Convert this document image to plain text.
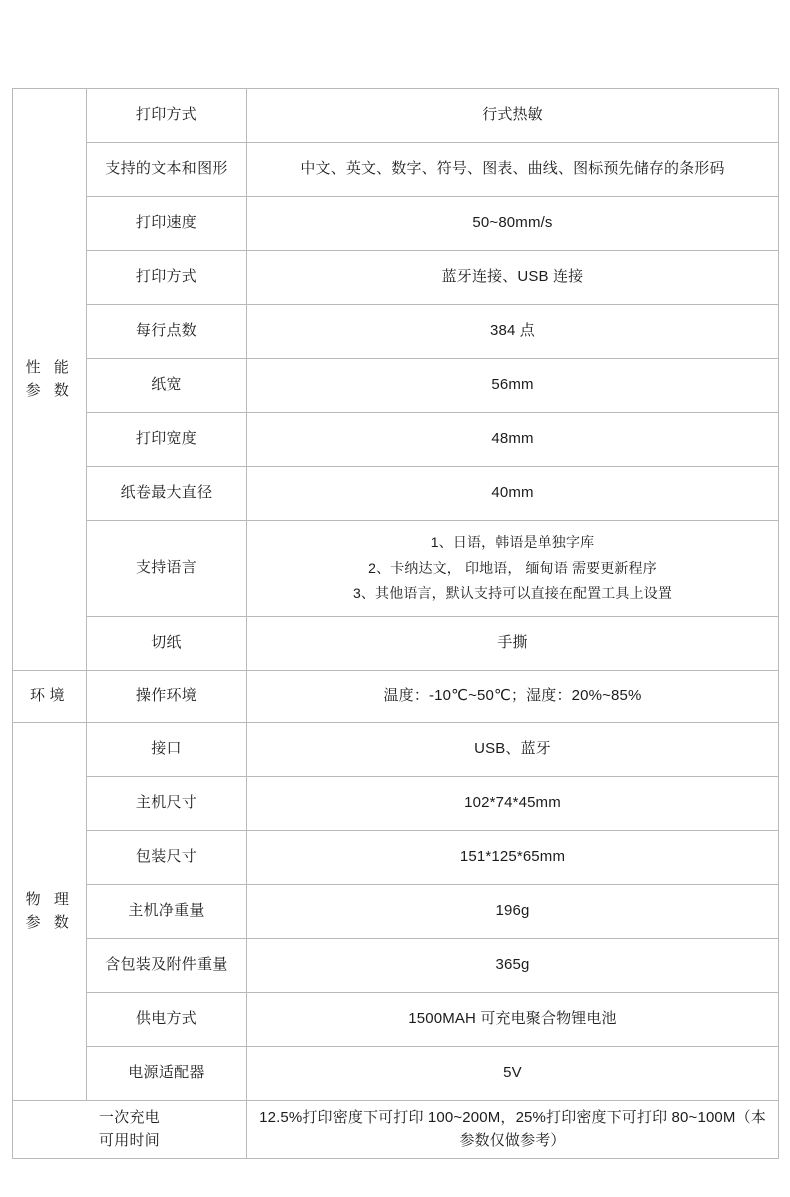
性 能 参 数	打印方式	行式热敏
	支持的文本和图形	中文、英文、数字、符号、图表、曲线、图标预先储存的条形码
	打印速度	50~80mm/s
	打印方式	蓝牙连接、USB 连接
	每行点数	384 点
	纸宽	56mm
	打印宽度	48mm
	纸卷最大直径	40mm
	支持语言	1、日语，韩语是单独字库
2、卡纳达文， 印地语， 缅甸语 需要更新程序
3、其他语言，默认支持可以直接在配置工具上设置

	切纸	手撕
环境	操作环境	温度：-10℃~50℃；湿度：20%~85%
物 理 参 数	接口	USB、蓝牙
	主机尺寸	102*74*45mm
	包装尺寸	151*125*65mm
	主机净重量	196g
	含包装及附件重量	365g
	供电方式	1500MAH 可充电聚合物锂电池
	电源适配器	5V

一次充电
可用时间		12.5%打印密度下可打印 100~200M，25%打印密度下可打印 80~100M（本参数仅做参考）
